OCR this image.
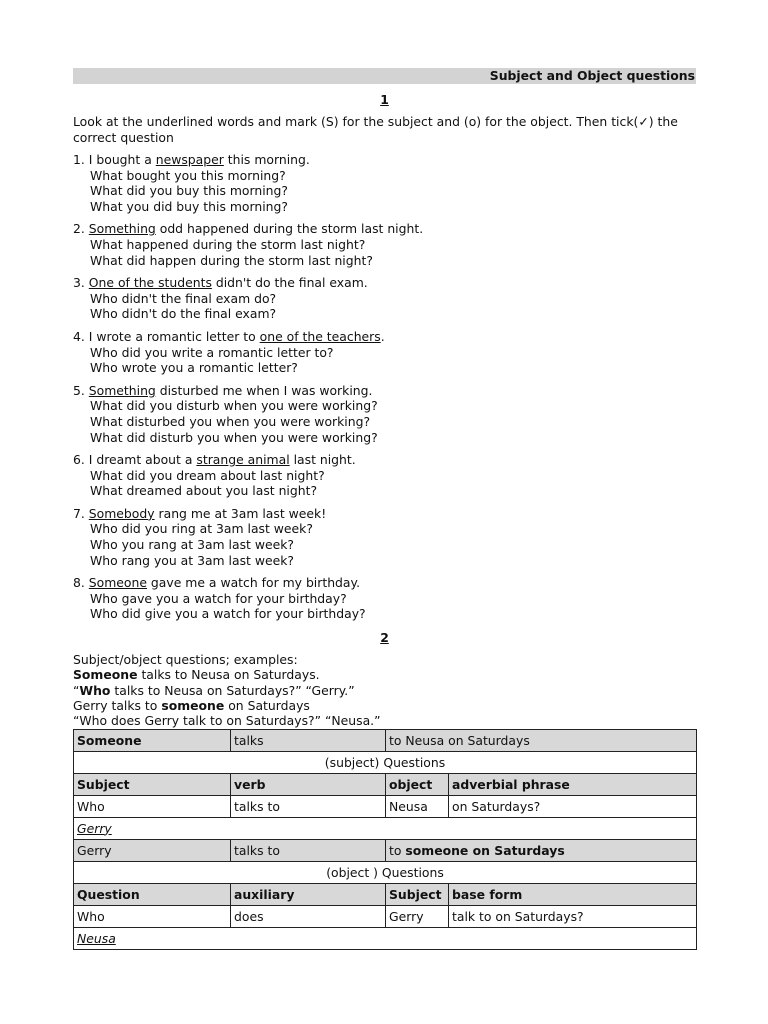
Subject and Object questions
1
Look at the underlined words and mark (S) for the subject and (o) for the object. Then tick(✓) the correct question
1. I bought a newspaper this morning.
What bought you this morning?
What did you buy this morning?
What you did buy this morning?
2. Something odd happened during the storm last night.
What happened during the storm last night?
What did happen during the storm last night?
3. One of the students didn't do the final exam.
Who didn't the final exam do?
Who didn't do the final exam?
4. I wrote a romantic letter to one of the teachers.
Who did you write a romantic letter to?
Who wrote you a romantic letter?
5. Something disturbed me when I was working.
What did you disturb when you were working?
What disturbed you when you were working?
What did disturb you when you were working?
6. I dreamt about a strange animal last night.
What did you dream about last night?
What dreamed about you last night?
7. Somebody rang me at 3am last week!
Who did you ring at 3am last week?
Who you rang at 3am last week?
Who rang you at 3am last week?
8. Someone gave me a watch for my birthday.
Who gave you a watch for your birthday?
Who did give you a watch for your birthday?
2
Subject/object questions; examples:
Someone talks to Neusa on Saturdays.
“Who talks to Neusa on Saturdays?” “Gerry.”
Gerry talks to someone on Saturdays
“Who does Gerry talk to on Saturdays?” “Neusa.”
Someone	talks	to Neusa on Saturdays	
(subject) Questions			
Subject	verb	object	adverbial phrase
Who	talks to	Neusa	on Saturdays?
Gerry			
Gerry	talks to	to someone on Saturdays	
(object ) Questions			
Question	auxiliary	Subject	base form
Who	does	Gerry	talk to on Saturdays?
Neusa			
